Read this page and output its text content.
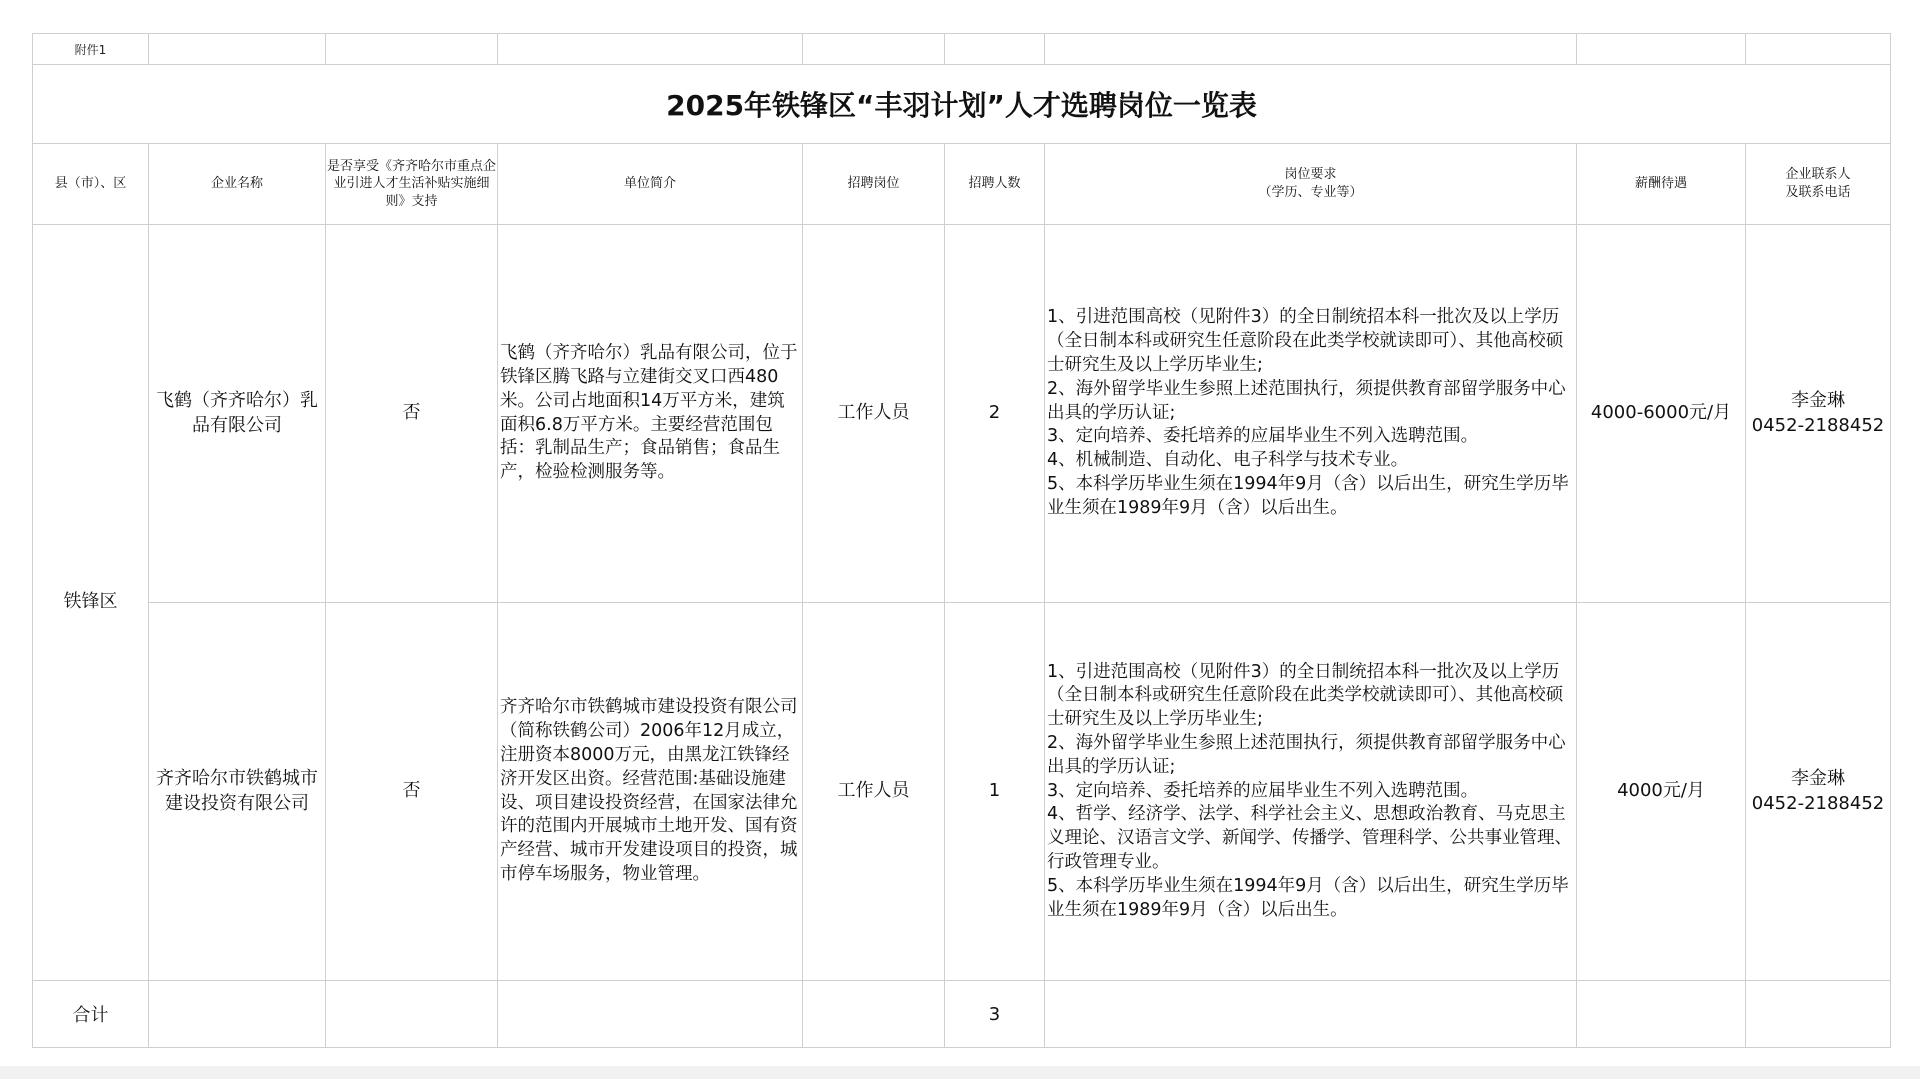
附件1								
2025年铁锋区“丰羽计划”人才选聘岗位一览表								
县（市）、区	企业名称	是否享受《齐齐哈尔市重点企业引进人才生活补贴实施细则》支持	单位简介	招聘岗位	招聘人数	岗位要求
（学历、专业等）	薪酬待遇	企业联系人
及联系电话

铁锋区	飞鹤（齐齐哈尔）乳品有限公司	否	飞鹤（齐齐哈尔）乳品有限公司，位于铁锋区腾飞路与立建街交叉口西480米。公司占地面积14万平方米，建筑面积6.8万平方米。主要经营范围包括：乳制品生产；食品销售；食品生产，检验检测服务等。	工作人员	2	1、引进范围高校（见附件3）的全日制统招本科一批次及以上学历（全日制本科或研究生任意阶段在此类学校就读即可）、其他高校硕士研究生及以上学历毕业生;
2、海外留学毕业生参照上述范围执行，须提供教育部留学服务中心出具的学历认证;
3、定向培养、委托培养的应届毕业生不列入选聘范围。
4、机械制造、自动化、电子科学与技术专业。
5、本科学历毕业生须在1994年9月（含）以后出生，研究生学历毕业生须在1989年9月（含）以后出生。	4000-6000元/月	李金琳
0452-2188452

	齐齐哈尔市铁鹤城市建设投资有限公司	否	齐齐哈尔市铁鹤城市建设投资有限公司（简称铁鹤公司）2006年12月成立，注册资本8000万元，由黑龙江铁锋经济开发区出资。经营范围:基础设施建设、项目建设投资经营，在国家法律允许的范围内开展城市土地开发、国有资产经营、城市开发建设项目的投资，城市停车场服务，物业管理。	工作人员	1	1、引进范围高校（见附件3）的全日制统招本科一批次及以上学历（全日制本科或研究生任意阶段在此类学校就读即可）、其他高校硕士研究生及以上学历毕业生;
2、海外留学毕业生参照上述范围执行，须提供教育部留学服务中心出具的学历认证;
3、定向培养、委托培养的应届毕业生不列入选聘范围。
4、哲学、经济学、法学、科学社会主义、思想政治教育、马克思主义理论、汉语言文学、新闻学、传播学、管理科学、公共事业管理、行政管理专业。
5、本科学历毕业生须在1994年9月（含）以后出生，研究生学历毕业生须在1989年9月（含）以后出生。	4000元/月	李金琳
0452-2188452

合计					3			
